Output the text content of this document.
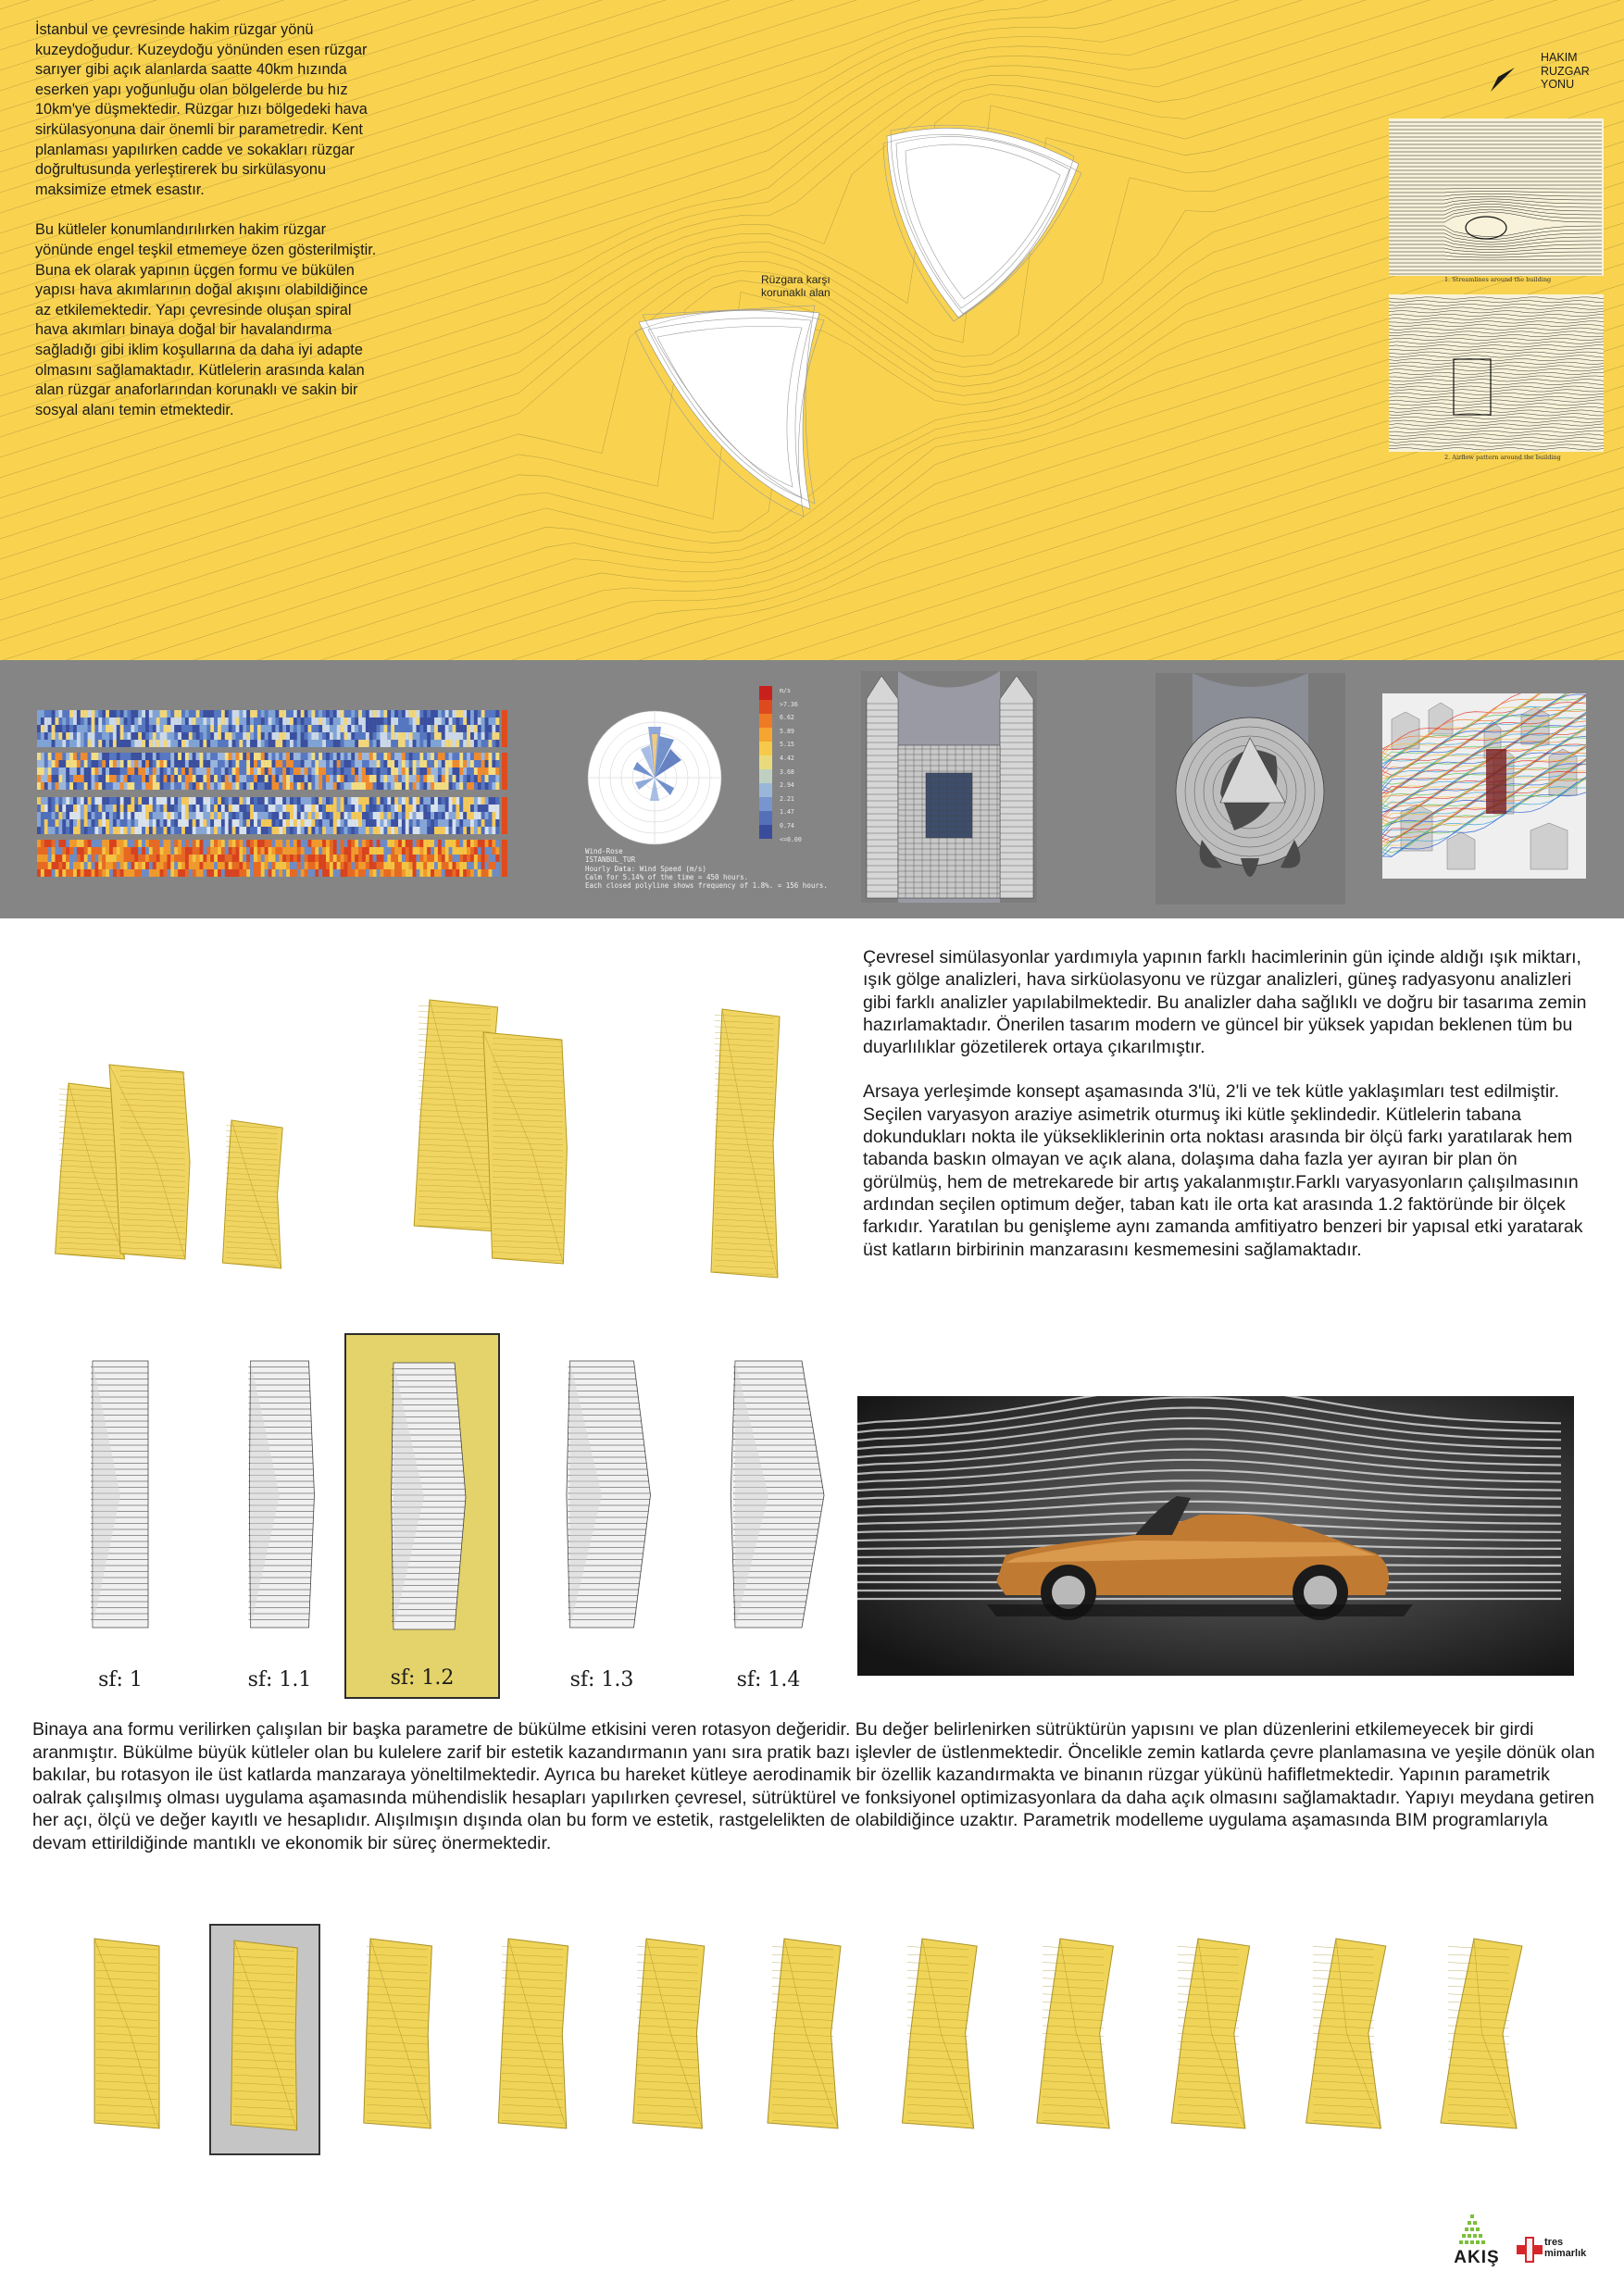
İstanbul ve çevresinde hakim rüzgar yönü kuzeydoğudur. Kuzeydoğu yönünden esen rüzgar sarıyer gibi açık alanlarda saatte 40km hızında eserken yapı yoğunluğu olan bölgelerde bu hız 10km'ye düşmektedir. Rüzgar hızı bölgedeki hava sirkülasyonuna dair önemli bir parametredir. Kent planlaması yapılırken cadde ve sokakları rüzgar doğrultusunda yerleştirerek bu sirkülasyonu maksimize etmek esastır.

Bu kütleler konumlandırılırken hakim rüzgar yönünde engel teşkil etmemeye özen gösterilmiştir. Buna ek olarak yapının üçgen formu ve bükülen yapısı hava akımlarının doğal akışını olabildiğince az etkilemektedir. Yapı çevresinde oluşan spiral hava akımları binaya doğal bir havalandırma sağladığı gibi iklim koşullarına da daha iyi adapte olmasını sağlamaktadır. Kütlelerin arasında kalan alan rüzgar anaforlarından korunaklı ve sakin bir sosyal alanı temin etmektedir.

Rüzgara karşı korunaklı alan
HAKIM
RUZGAR
YONU
1. Streamlines around the building
2. Airflow pattern around the building
m/s
>7.36
6.62
5.89
5.15
4.42
3.68
2.94
2.21
1.47
0.74
<=0.00
Wind-Rose
ISTANBUL_TUR
Hourly Data: Wind Speed (m/s)
Calm for 5.14% of the time = 450 hours.
Each closed polyline shows frequency of 1.8%. = 156 hours.

Çevresel simülasyonlar yardımıyla yapının farklı hacimlerinin gün içinde aldığı ışık miktarı, ışık gölge analizleri, hava sirküolasyonu ve rüzgar analizleri, güneş radyasyonu analizleri gibi farklı analizler yapılabilmektedir. Bu analizler daha sağlıklı ve doğru bir tasarıma zemin hazırlamaktadır. Önerilen tasarım modern ve güncel bir yüksek yapıdan beklenen tüm bu duyarlılıklar gözetilerek ortaya çıkarılmıştır.

Arsaya yerleşimde konsept aşamasında 3'lü, 2'li ve tek kütle yaklaşımları test edilmiştir. Seçilen varyasyon araziye asimetrik oturmuş iki kütle şeklindedir. Kütlelerin tabana dokundukları nokta ile yüksekliklerinin orta noktası arasında bir ölçü farkı yaratılarak hem tabanda baskın olmayan ve açık alana, dolaşıma daha fazla yer ayıran bir plan ön görülmüş, hem de metrekarede bir artış yakalanmıştır.Farklı varyasyonların çalışılmasının ardından seçilen optimum değer, taban katı ile orta kat arasında 1.2 faktöründe bir ölçek farkıdır. Yaratılan bu genişleme aynı zamanda amfitiyatro benzeri bir yapısal etki yaratarak üst katların birbirinin manzarasını kesmemesini sağlamaktadır.

sf: 1	sf: 1.1	sf: 1.2	sf: 1.3	sf: 1.4
Binaya ana formu verilirken çalışılan bir başka parametre de bükülme etkisini veren rotasyon değeridir. Bu değer belirlenirken sütrüktürün yapısını ve plan düzenlerini etkilemeyecek bir girdi aranmıştır. Bükülme büyük kütleler olan bu kulelere zarif bir estetik kazandırmanın yanı sıra pratik bazı işlevler de üstlenmektedir. Öncelikle zemin katlarda çevre planlamasına ve yeşile dönük olan bakılar, bu rotasyon ile üst katlarda manzaraya yöneltilmektedir. Ayrıca bu hareket kütleye aerodinamik bir özellik kazandırmakta ve binanın rüzgar yükünü hafifletmektedir. Yapının parametrik oalrak çalışılmış olması uygulama aşamasında mühendislik hesapları yapılırken çevresel, sütrüktürel ve fonksiyonel optimizasyonlara da daha açık olmasını sağlamaktadır. Yapıyı meydana getiren her açı, ölçü ve değer kayıtlı ve hesaplıdır. Alışılmışın dışında olan bu form ve estetik, rastgelelikten de olabildiğince uzaktır. Parametrik modelleme uygulama aşamasında BIM programlarıyla devam ettirildiğinde mantıklı ve ekonomik bir süreç önermektedir.
AKIŞ
tres
mimarlık
